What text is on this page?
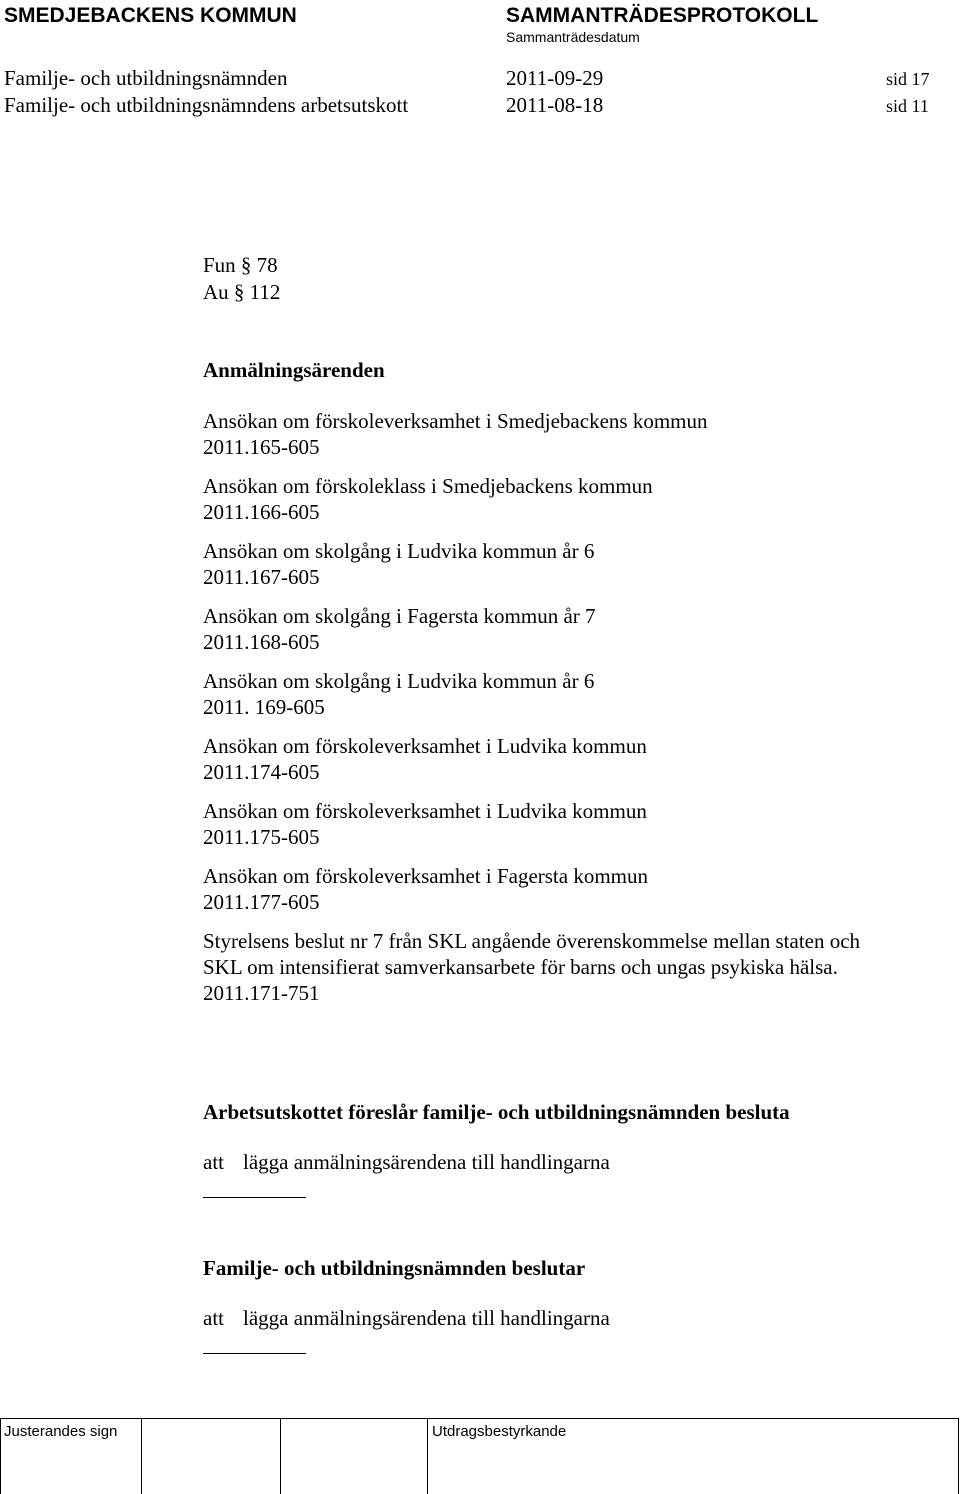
SMEDJEBACKENS KOMMUN	SAMMANTRÄDESPROTOKOLL
Sammanträdesdatum
Familje- och utbildningsnämnden	2011-09-29	sid 17
Familje- och utbildningsnämndens arbetsutskott	2011-08-18	sid 11
Fun § 78
Au § 112
Anmälningsärenden

Ansökan om förskoleverksamhet i Smedjebackens kommun

2011.165-605

Ansökan om förskoleklass i Smedjebackens kommun

2011.166-605

Ansökan om skolgång i Ludvika kommun år 6

2011.167-605

Ansökan om skolgång i Fagersta kommun år 7

2011.168-605

Ansökan om skolgång i Ludvika kommun år 6

2011. 169-605

Ansökan om förskoleverksamhet i Ludvika kommun

2011.174-605

Ansökan om förskoleverksamhet i Ludvika kommun

2011.175-605

Ansökan om förskoleverksamhet i Fagersta kommun

2011.177-605

Styrelsens beslut nr 7 från SKL angående överenskommelse mellan staten och SKL om intensifierat samverkansarbete för barns och ungas psykiska hälsa.

2011.171-751

Arbetsutskottet föreslår familje- och utbildningsnämnden besluta
att lägga anmälningsärendena till handlingarna
Familje- och utbildningsnämnden beslutar
att lägga anmälningsärendena till handlingarna
Justerandes sign	Utdragsbestyrkande
